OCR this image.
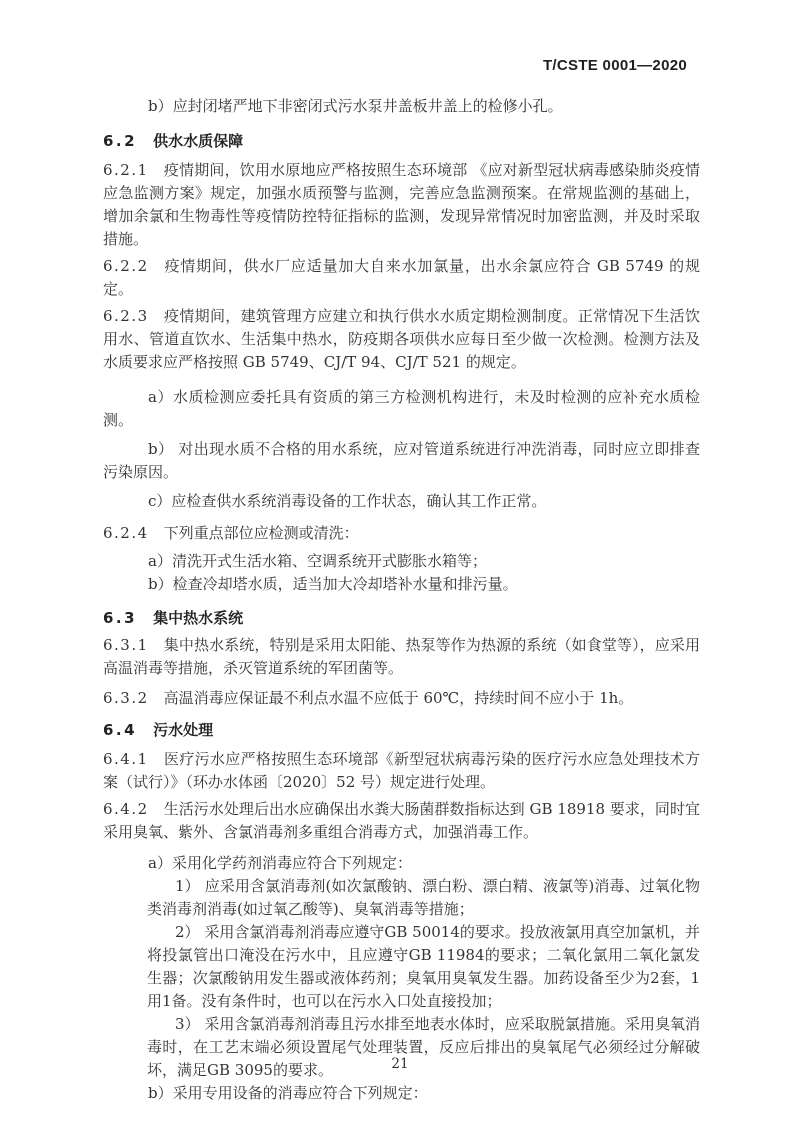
T/CSTE 0001—2020

b）应封闭堵严地下非密闭式污水泵井盖板井盖上的检修小孔。

6.2 供水水质保障

6.2.1 疫情期间，饮用水原地应严格按照生态环境部 《应对新型冠状病毒感染肺炎疫情应急监测方案》规定，加强水质预警与监测，完善应急监测预案。在常规监测的基础上，增加余氯和生物毒性等疫情防控特征指标的监测，发现异常情况时加密监测，并及时采取措施。

6.2.2 疫情期间，供水厂应适量加大自来水加氯量，出水余氯应符合 GB 5749 的规定。

6.2.3 疫情期间，建筑管理方应建立和执行供水水质定期检测制度。正常情况下生活饮用水、管道直饮水、生活集中热水，防疫期各项供水应每日至少做一次检测。检测方法及水质要求应严格按照 GB 5749、CJ/T 94、CJ/T 521 的规定。

a）水质检测应委托具有资质的第三方检测机构进行，未及时检测的应补充水质检测。

b） 对出现水质不合格的用水系统，应对管道系统进行冲洗消毒，同时应立即排查污染原因。

c）应检查供水系统消毒设备的工作状态，确认其工作正常。

6.2.4 下列重点部位应检测或清洗：

a）清洗开式生活水箱、空调系统开式膨胀水箱等；

b）检查冷却塔水质，适当加大冷却塔补水量和排污量。

6.3 集中热水系统

6.3.1 集中热水系统，特别是采用太阳能、热泵等作为热源的系统（如食堂等），应采用高温消毒等措施，杀灭管道系统的军团菌等。

6.3.2 高温消毒应保证最不利点水温不应低于 60℃，持续时间不应小于 1h。

6.4 污水处理

6.4.1 医疗污水应严格按照生态环境部《新型冠状病毒污染的医疗污水应急处理技术方案（试行）》（环办水体函〔2020〕52 号）规定进行处理。

6.4.2 生活污水处理后出水应确保出水粪大肠菌群数指标达到 GB 18918 要求，同时宜采用臭氧、紫外、含氯消毒剂多重组合消毒方式，加强消毒工作。

a）采用化学药剂消毒应符合下列规定：

1） 应采用含氯消毒剂(如次氯酸钠、漂白粉、漂白精、液氯等)消毒、过氧化物类消毒剂消毒(如过氧乙酸等)、臭氧消毒等措施；

2） 采用含氯消毒剂消毒应遵守GB 50014的要求。投放液氯用真空加氯机，并将投氯管出口淹没在污水中，且应遵守GB 11984的要求；二氧化氯用二氧化氯发生器；次氯酸钠用发生器或液体药剂；臭氧用臭氧发生器。加药设备至少为2套，1用1备。没有条件时，也可以在污水入口处直接投加；

3） 采用含氯消毒剂消毒且污水排至地表水体时，应采取脱氯措施。采用臭氧消毒时，在工艺末端必须设置尾气处理装置，反应后排出的臭氧尾气必须经过分解破坏，满足GB 3095的要求。

b）采用专用设备的消毒应符合下列规定：

21
